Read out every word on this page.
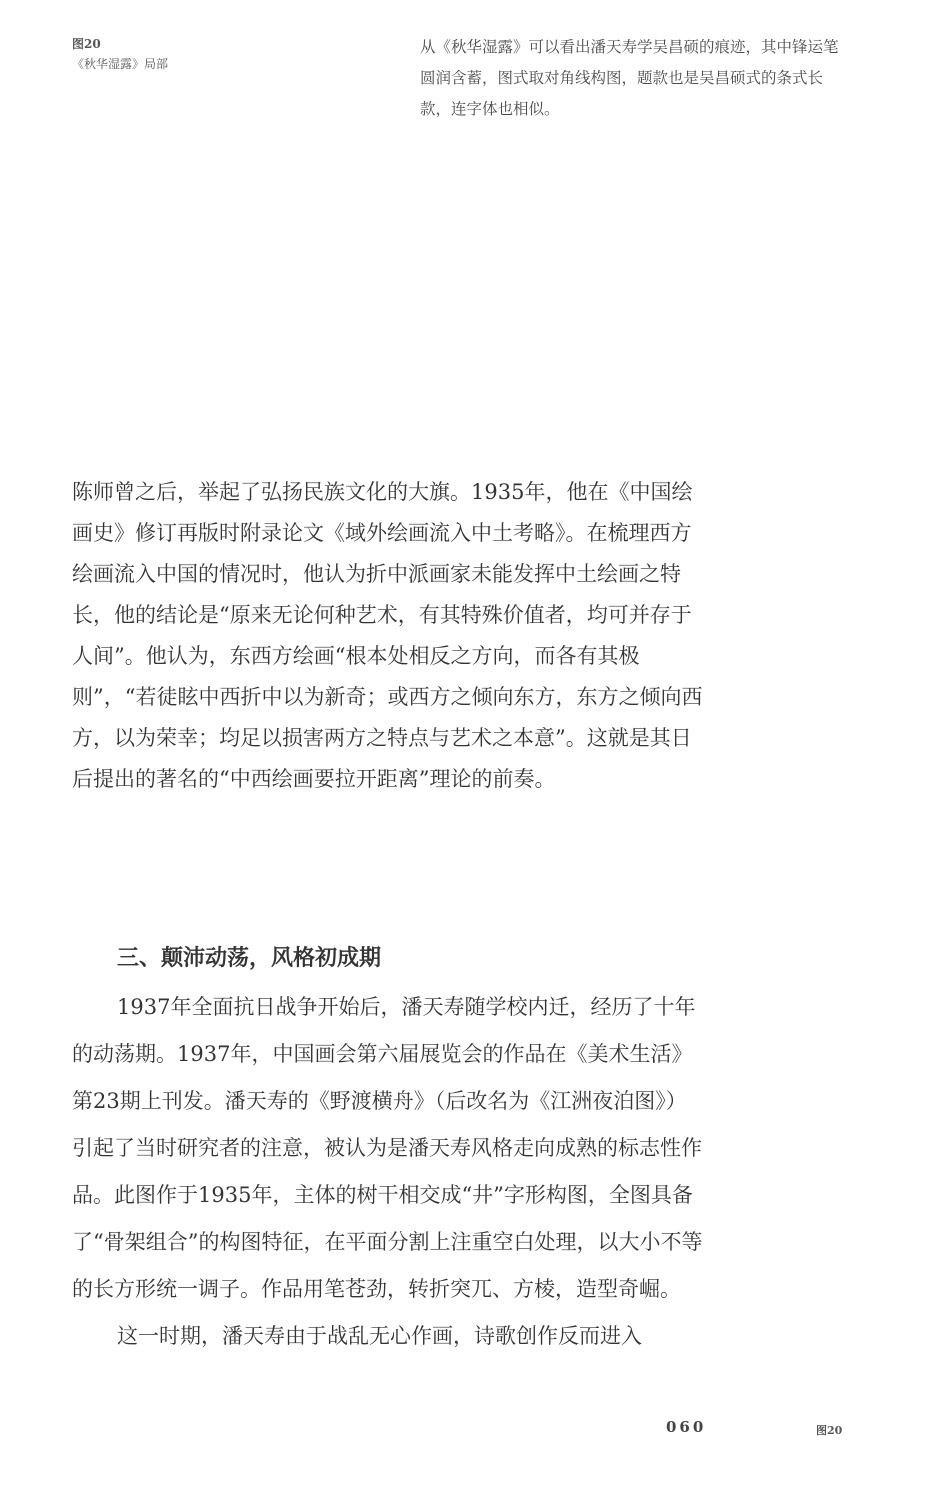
图20
《秋华湿露》局部
从《秋华湿露》可以看出潘天寿学吴昌硕的痕迹，其中锋运笔圆润含蓄，图式取对角线构图，题款也是吴昌硕式的条式长款，连字体也相似。

陈师曾之后，举起了弘扬民族文化的大旗。1935年，他在《中国绘画史》修订再版时附录论文《域外绘画流入中土考略》。在梳理西方绘画流入中国的情况时，他认为折中派画家未能发挥中土绘画之特长，他的结论是“原来无论何种艺术，有其特殊价值者，均可并存于人间”。他认为，东西方绘画“根本处相反之方向，而各有其极则”，“若徒眩中西折中以为新奇；或西方之倾向东方，东方之倾向西方，以为荣幸；均足以损害两方之特点与艺术之本意”。这就是其日后提出的著名的“中西绘画要拉开距离”理论的前奏。

三、颠沛动荡，风格初成期

1937年全面抗日战争开始后，潘天寿随学校内迁，经历了十年的动荡期。1937年，中国画会第六届展览会的作品在《美术生活》第23期上刊发。潘天寿的《野渡横舟》（后改名为《江洲夜泊图》）引起了当时研究者的注意，被认为是潘天寿风格走向成熟的标志性作品。此图作于1935年，主体的树干相交成“井”字形构图，全图具备了“骨架组合”的构图特征，在平面分割上注重空白处理，以大小不等的长方形统一调子。作品用笔苍劲，转折突兀、方棱，造型奇崛。

这一时期，潘天寿由于战乱无心作画，诗歌创作反而进入

060	图20
